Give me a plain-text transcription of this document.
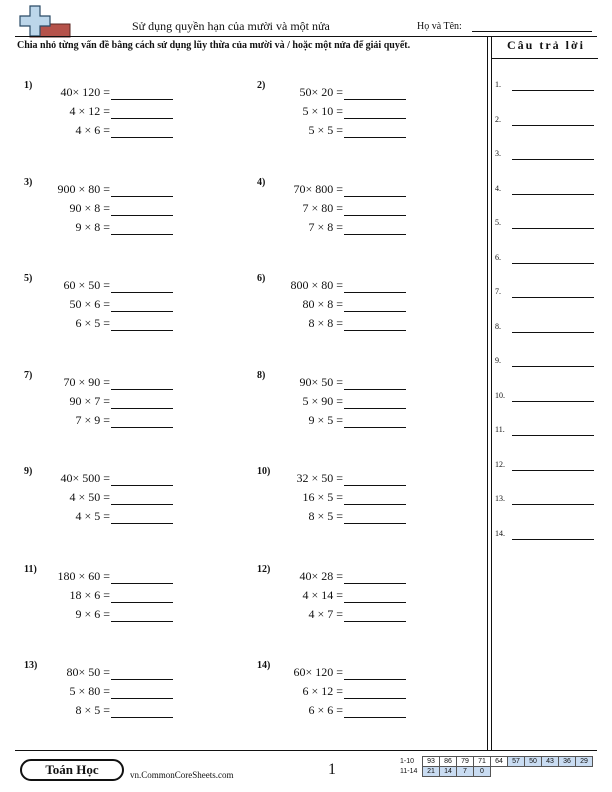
Sử dụng quyền hạn của mười và một nửa	Họ và Tên:
Chia nhỏ từng vấn đề bằng cách sử dụng lũy thừa của mười và / hoặc một nửa để giải quyết.	Câu trả lời
1.
2.
3.
4.
5.
6.
7.
8.
9.
10.
11.
12.
13.
14.
1)	40× 120 =
4 × 12 =
4 × 6 =
2)	50× 20 =
5 × 10 =
5 × 5 =
3)	900 × 80 =
90 × 8 =
9 × 8 =
4)	70× 800 =
7 × 80 =
7 × 8 =
5)	60 × 50 =
50 × 6 =
6 × 5 =
6)	800 × 80 =
80 × 8 =
8 × 8 =
7)	70 × 90 =
90 × 7 =
7 × 9 =
8)	90× 50 =
5 × 90 =
9 × 5 =
9)	40× 500 =
4 × 50 =
4 × 5 =
10)	32 × 50 =
16 × 5 =
8 × 5 =
11)	180 × 60 =
18 × 6 =
9 × 6 =
12)	40× 28 =
4 × 14 =
4 × 7 =
13)	80× 50 =
5 × 80 =
8 × 5 =
14)	60× 120 =
6 × 12 =
6 × 6 =
Toán Học	vn.CommonCoreSheets.com	1	1-10	93	86	79	71	64	57	50	43	36	29
11-14	21	14	7	0						
